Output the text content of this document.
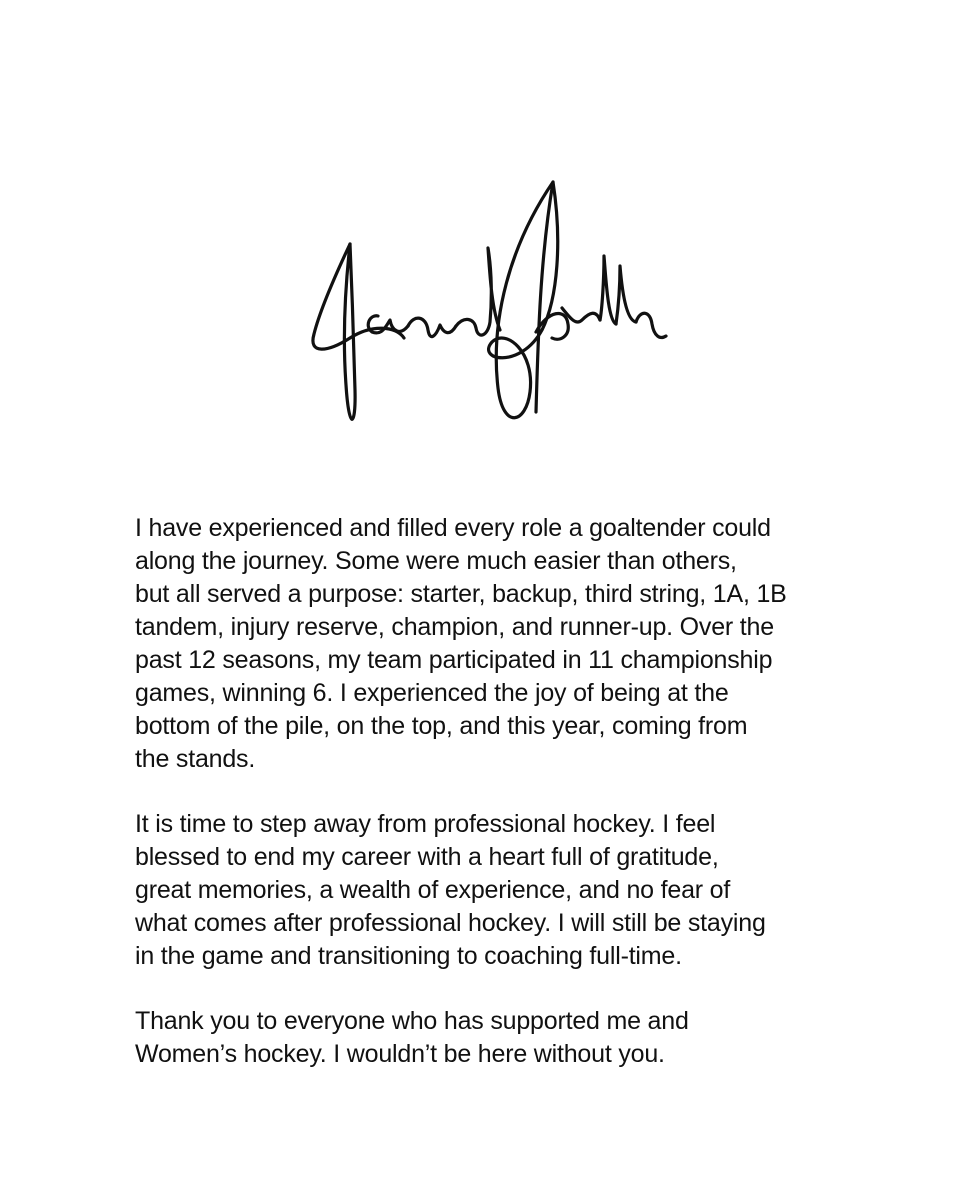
I have experienced and filled every role a goaltender could
along the journey. Some were much easier than others,
but all served a purpose: starter, backup, third string, 1A, 1B
tandem, injury reserve, champion, and runner-up. Over the
past 12 seasons, my team participated in 11 championship
games, winning 6. I experienced the joy of being at the
bottom of the pile, on the top, and this year, coming from
the stands.

It is time to step away from professional hockey. I feel
blessed to end my career with a heart full of gratitude,
great memories, a wealth of experience, and no fear of
what comes after professional hockey. I will still be staying
in the game and transitioning to coaching full-time.

Thank you to everyone who has supported me and
Women’s hockey. I wouldn’t be here without you.
